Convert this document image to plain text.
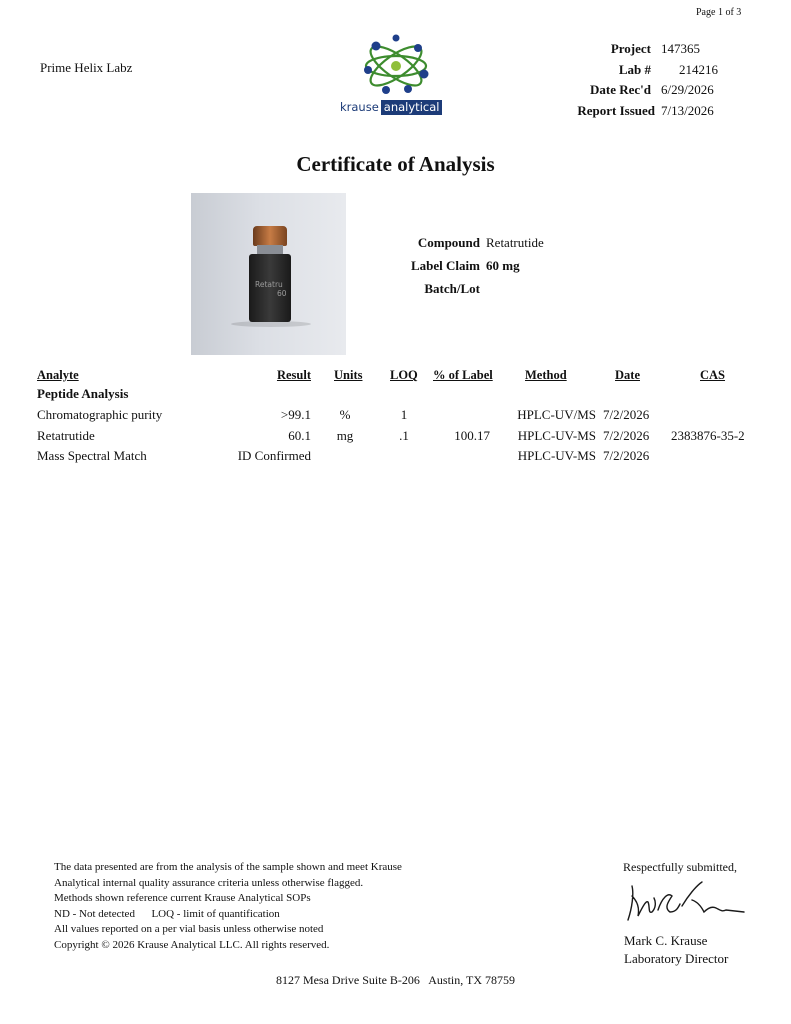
Page 1 of 3
Prime Helix Labz
krause analytical
Project 147365
Lab # 214216
Date Rec'd 6/29/2026
Report Issued 7/13/2026
Certificate of Analysis
Retatru
60
Compound Retatrutide
Label Claim 60 mg
Batch/Lot
Analyte	Result Units LOQ % of Label	Method	Date	CAS
Peptide Analysis
Chromatographic purity	>99.1	%	1	HPLC-UV/MS 7/2/2026
Retatrutide	60.1	mg	.1	100.17	HPLC-UV-MS 7/2/2026 2383876-35-2
Mass Spectral Match	ID Confirmed	HPLC-UV-MS 7/2/2026
The data presented are from the analysis of the sample shown and meet Krause
Analytical internal quality assurance criteria unless otherwise flagged.
Methods shown reference current Krause Analytical SOPs
ND - Not detected      LOQ - limit of quantification
All values reported on a per vial basis unless otherwise noted
Copyright © 2026 Krause Analytical LLC. All rights reserved.
Respectfully submitted,
Mark C. Krause
Laboratory Director
8127 Mesa Drive Suite B-206   Austin, TX 78759
